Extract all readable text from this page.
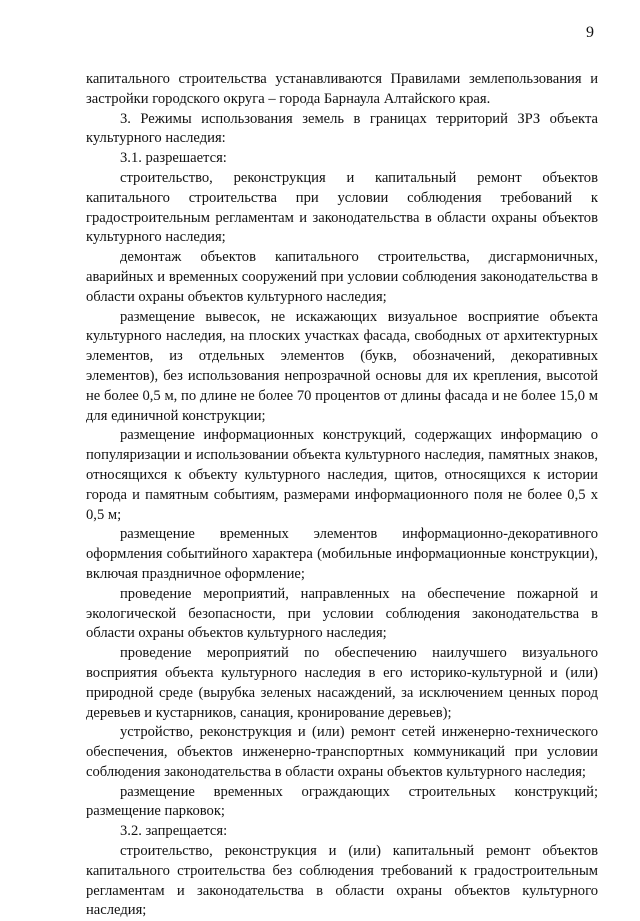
9

капитального строительства устанавливаются Правилами землепользования и застройки городского округа – города Барнаула Алтайского края.

3. Режимы использования земель в границах территорий ЗРЗ объекта культурного наследия:

3.1. разрешается:

строительство, реконструкция и капитальный ремонт объектов капитального строительства при условии соблюдения требований к градостроительным регламентам и законодательства в области охраны объектов культурного наследия;

демонтаж объектов капитального строительства, дисгармоничных, аварийных и временных сооружений при условии соблюдения законодательства в области охраны объектов культурного наследия;

размещение вывесок, не искажающих визуальное восприятие объекта культурного наследия, на плоских участках фасада, свободных от архитектурных элементов, из отдельных элементов (букв, обозначений, декоративных элементов), без использования непрозрачной основы для их крепления, высотой не более 0,5 м, по длине не более 70 процентов от длины фасада и не более 15,0 м для единичной конструкции;

размещение информационных конструкций, содержащих информацию о популяризации и использовании объекта культурного наследия, памятных знаков, относящихся к объекту культурного наследия, щитов, относящихся к истории города и памятным событиям, размерами информационного поля не более 0,5 х 0,5 м;

размещение временных элементов информационно-декоративного оформления событийного характера (мобильные информационные конструкции), включая праздничное оформление;

проведение мероприятий, направленных на обеспечение пожарной и экологической безопасности, при условии соблюдения законодательства в области охраны объектов культурного наследия;

проведение мероприятий по обеспечению наилучшего визуального восприятия объекта культурного наследия в его историко-культурной и (или) природной среде (вырубка зеленых насаждений, за исключением ценных пород деревьев и кустарников, санация, кронирование деревьев);

устройство, реконструкция и (или) ремонт сетей инженерно-технического обеспечения, объектов инженерно-транспортных коммуникаций при условии соблюдения законодательства в области охраны объектов культурного наследия;

размещение временных ограждающих строительных конструкций; размещение парковок;

3.2. запрещается:

строительство, реконструкция и (или) капитальный ремонт объектов капитального строительства без соблюдения требований к градостроительным регламентам и законодательства в области охраны объектов культурного наследия;
